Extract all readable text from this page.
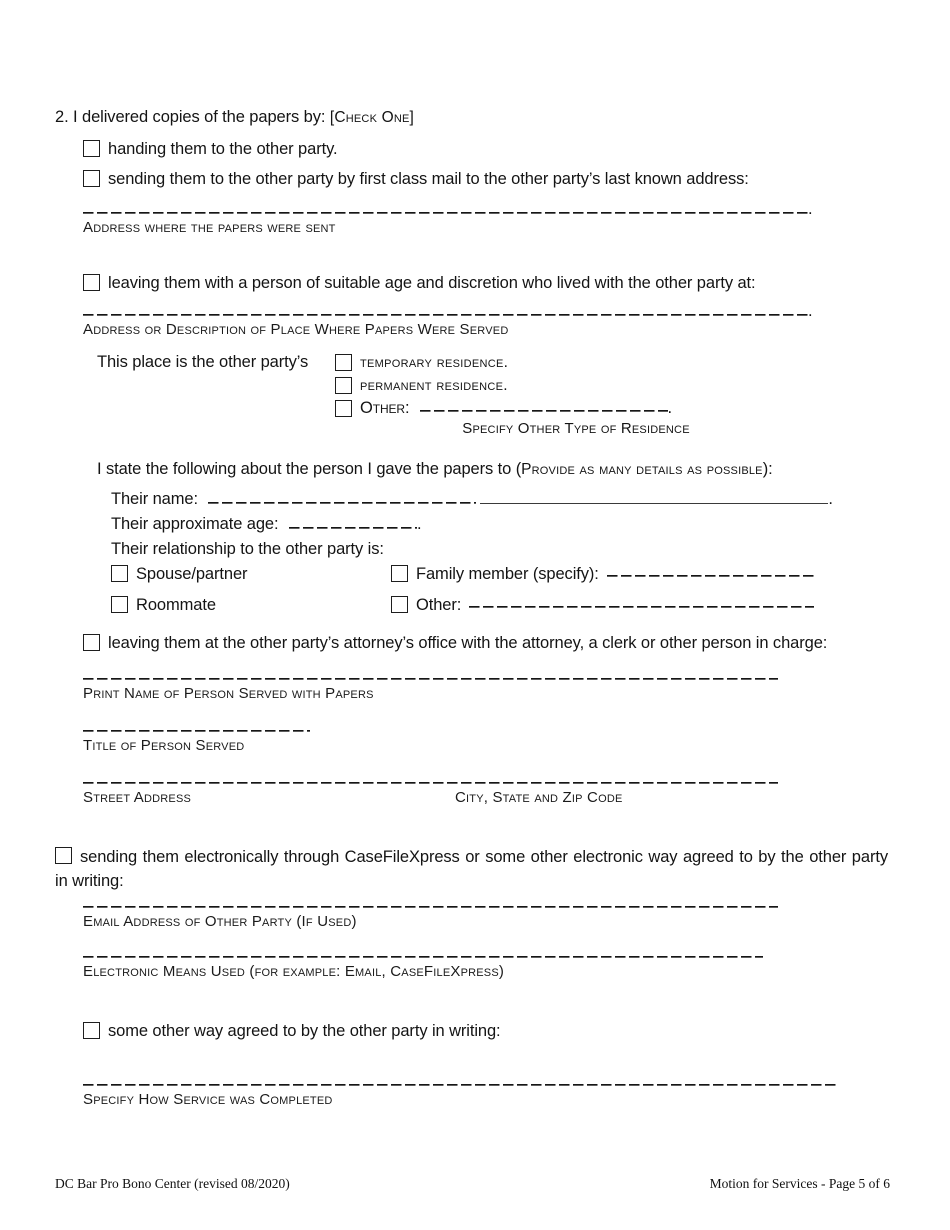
2. I delivered copies of the papers by: [Check One]
handing them to the other party.
sending them to the other party by first class mail to the other party’s last known address:
.
Address where the papers were sent
leaving them with a person of suitable age and discretion who lived with the other party at:
.
Address or Description of Place Where Papers Were Served
This place is the other party’s	temporary residence.
permanent residence.
Other:	.
Specify Other Type of Residence
I state the following about the person I gave the papers to (Provide as many details as possible):
Their name:	.
Their approximate age:	.
Their relationship to the other party is:
Spouse/partner	Family member (specify):
Roommate	Other:
leaving them at the other party’s attorney’s office with the attorney, a clerk or other person in charge:
Print Name of Person Served with Papers
Title of Person Served
Street Address	City, State and Zip Code

sending them electronically through CaseFileXpress or some other electronic way agreed to by the other party in writing:

Email Address of Other Party (If Used)
Electronic Means Used (for example: Email, CaseFileXpress)
some other way agreed to by the other party in writing:
Specify How Service was Completed
DC Bar Pro Bono Center (revised 08/2020)	Motion for Services - Page 5 of 6
